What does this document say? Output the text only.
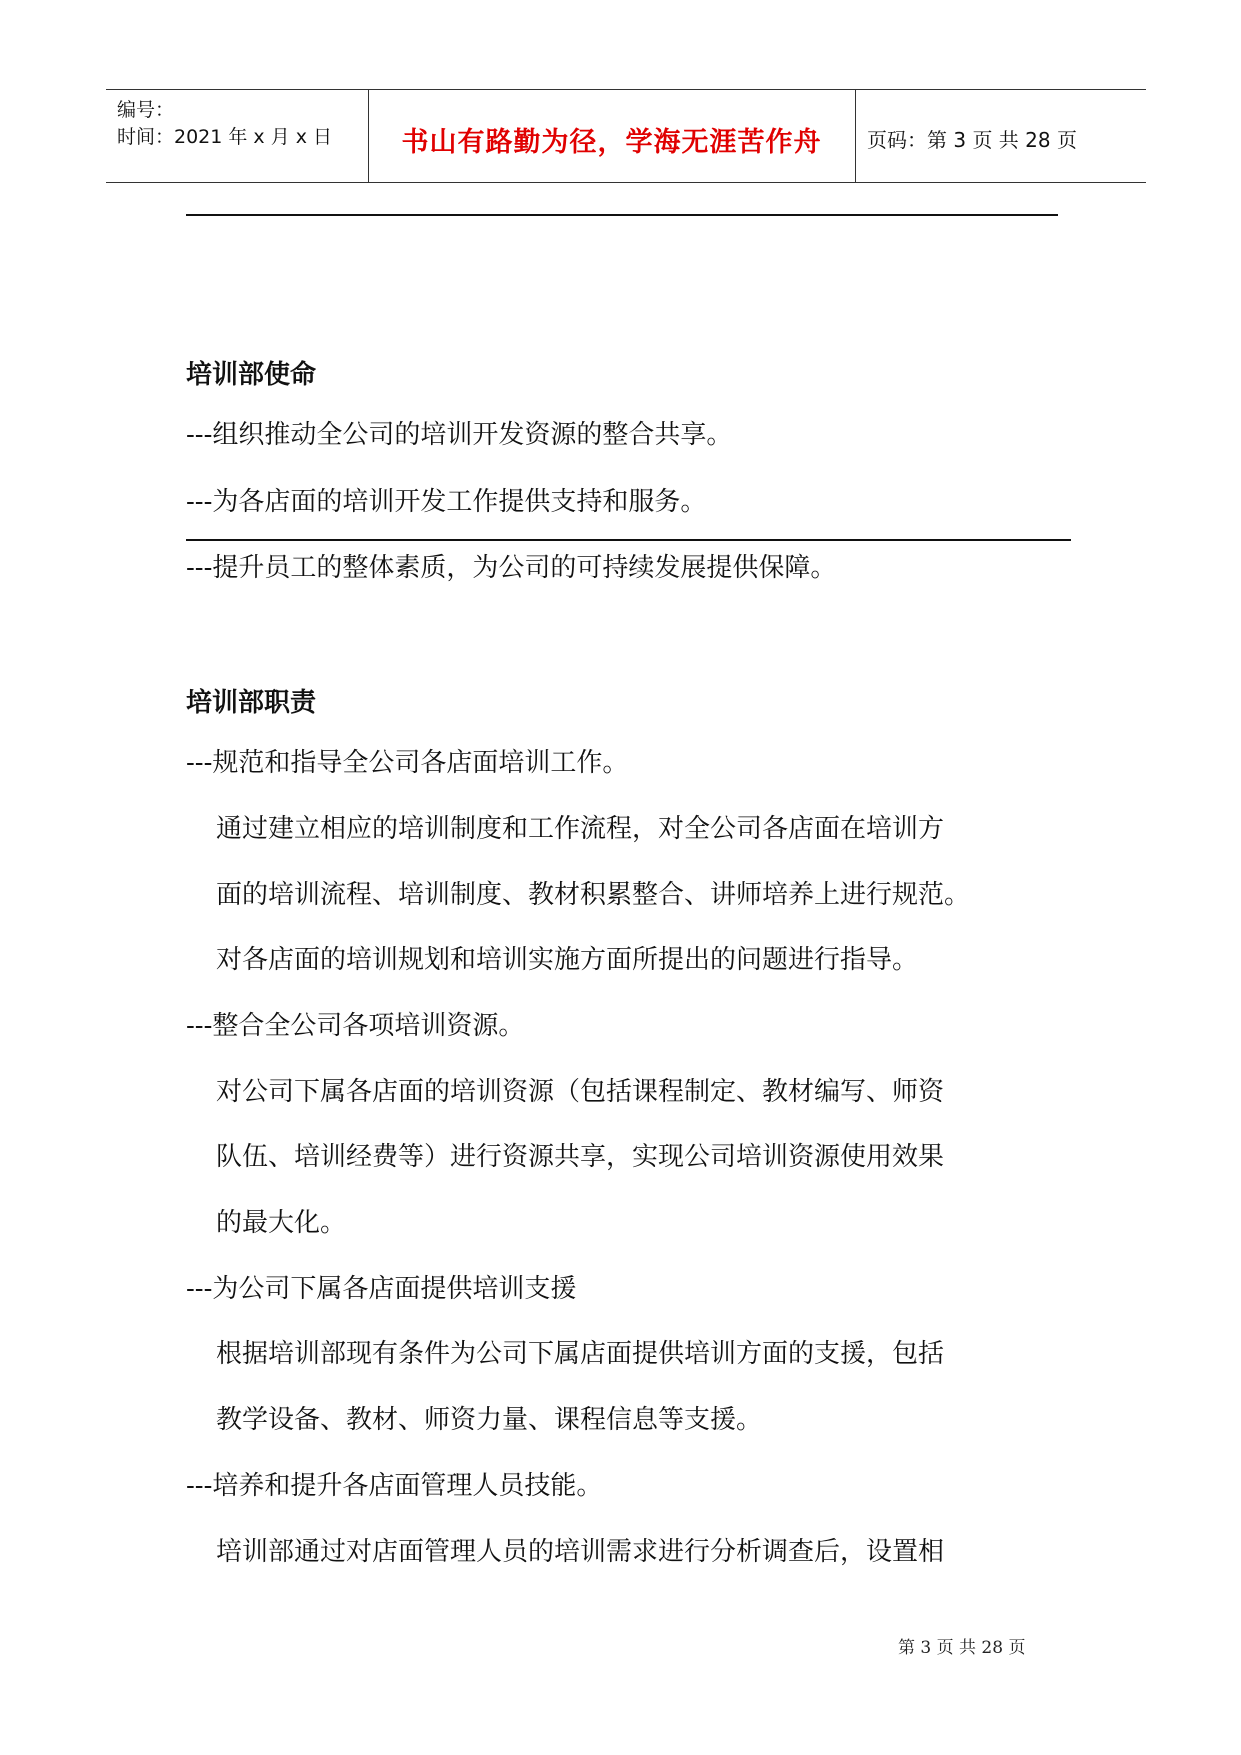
编号：
时间：2021 年 x 月 x 日	书山有路勤为径，学海无涯苦作舟	页码：第 3 页 共 28 页
培训部使命
---组织推动全公司的培训开发资源的整合共享。
---为各店面的培训开发工作提供支持和服务。
---提升员工的整体素质，为公司的可持续发展提供保障。
培训部职责
---规范和指导全公司各店面培训工作。
通过建立相应的培训制度和工作流程，对全公司各店面在培训方
面的培训流程、培训制度、教材积累整合、讲师培养上进行规范。
对各店面的培训规划和培训实施方面所提出的问题进行指导。
---整合全公司各项培训资源。
对公司下属各店面的培训资源（包括课程制定、教材编写、师资
队伍、培训经费等）进行资源共享，实现公司培训资源使用效果
的最大化。
---为公司下属各店面提供培训支援
根据培训部现有条件为公司下属店面提供培训方面的支援，包括
教学设备、教材、师资力量、课程信息等支援。
---培养和提升各店面管理人员技能。
培训部通过对店面管理人员的培训需求进行分析调查后，设置相
第 3 页 共 28 页
